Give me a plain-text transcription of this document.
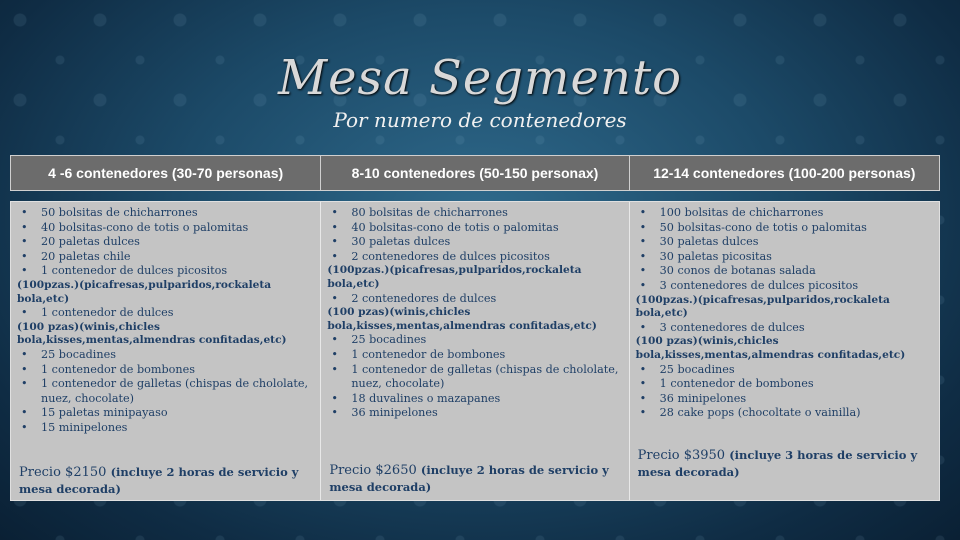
Mesa Segmento
Por numero de contenedores
4 -6 contenedores (30-70 personas)	8-10 contenedores (50-150 personax)	12-14 contenedores (100-200 personas)
• 50 bolsitas de chicharrones
• 40 bolsitas-cono de totis o palomitas
• 20 paletas dulces
• 20 paletas chile
• 1 contenedor de dulces picositos
(100pzas.)(picafresas,pulparidos,rockaleta bola,etc)
• 1 contenedor de dulces
(100 pzas)(winis,chicles bola,kisses,mentas,almendras confitadas,etc)
• 25 bocadines
• 1 contenedor de bombones
• 1 contenedor de galletas (chispas de chololate, nuez, chocolate)
• 15 paletas minipayaso
• 15 minipelones
Precio $2150 (incluye 2 horas de servicio y mesa decorada)
• 80 bolsitas de chicharrones
• 40 bolsitas-cono de totis o palomitas
• 30 paletas dulces
• 2 contenedores de dulces picositos
(100pzas.)(picafresas,pulparidos,rockaleta bola,etc)
• 2 contenedores de dulces
(100 pzas)(winis,chicles bola,kisses,mentas,almendras confitadas,etc)
• 25 bocadines
• 1 contenedor de bombones
• 1 contenedor de galletas (chispas de chololate, nuez, chocolate)
• 18 duvalines o mazapanes
• 36 minipelones
Precio $2650 (incluye 2 horas de servicio y mesa decorada)
• 100 bolsitas de chicharrones
• 50 bolsitas-cono de totis o palomitas
• 30 paletas dulces
• 30 paletas picositas
• 30 conos de botanas salada
• 3 contenedores de dulces picositos
(100pzas.)(picafresas,pulparidos,rockaleta bola,etc)
• 3 contenedores de dulces
(100 pzas)(winis,chicles bola,kisses,mentas,almendras confitadas,etc)
• 25 bocadines
• 1 contenedor de bombones
• 36 minipelones
• 28 cake pops (chocoltate o vainilla)
Precio $3950 (incluye 3 horas de servicio y mesa decorada)
